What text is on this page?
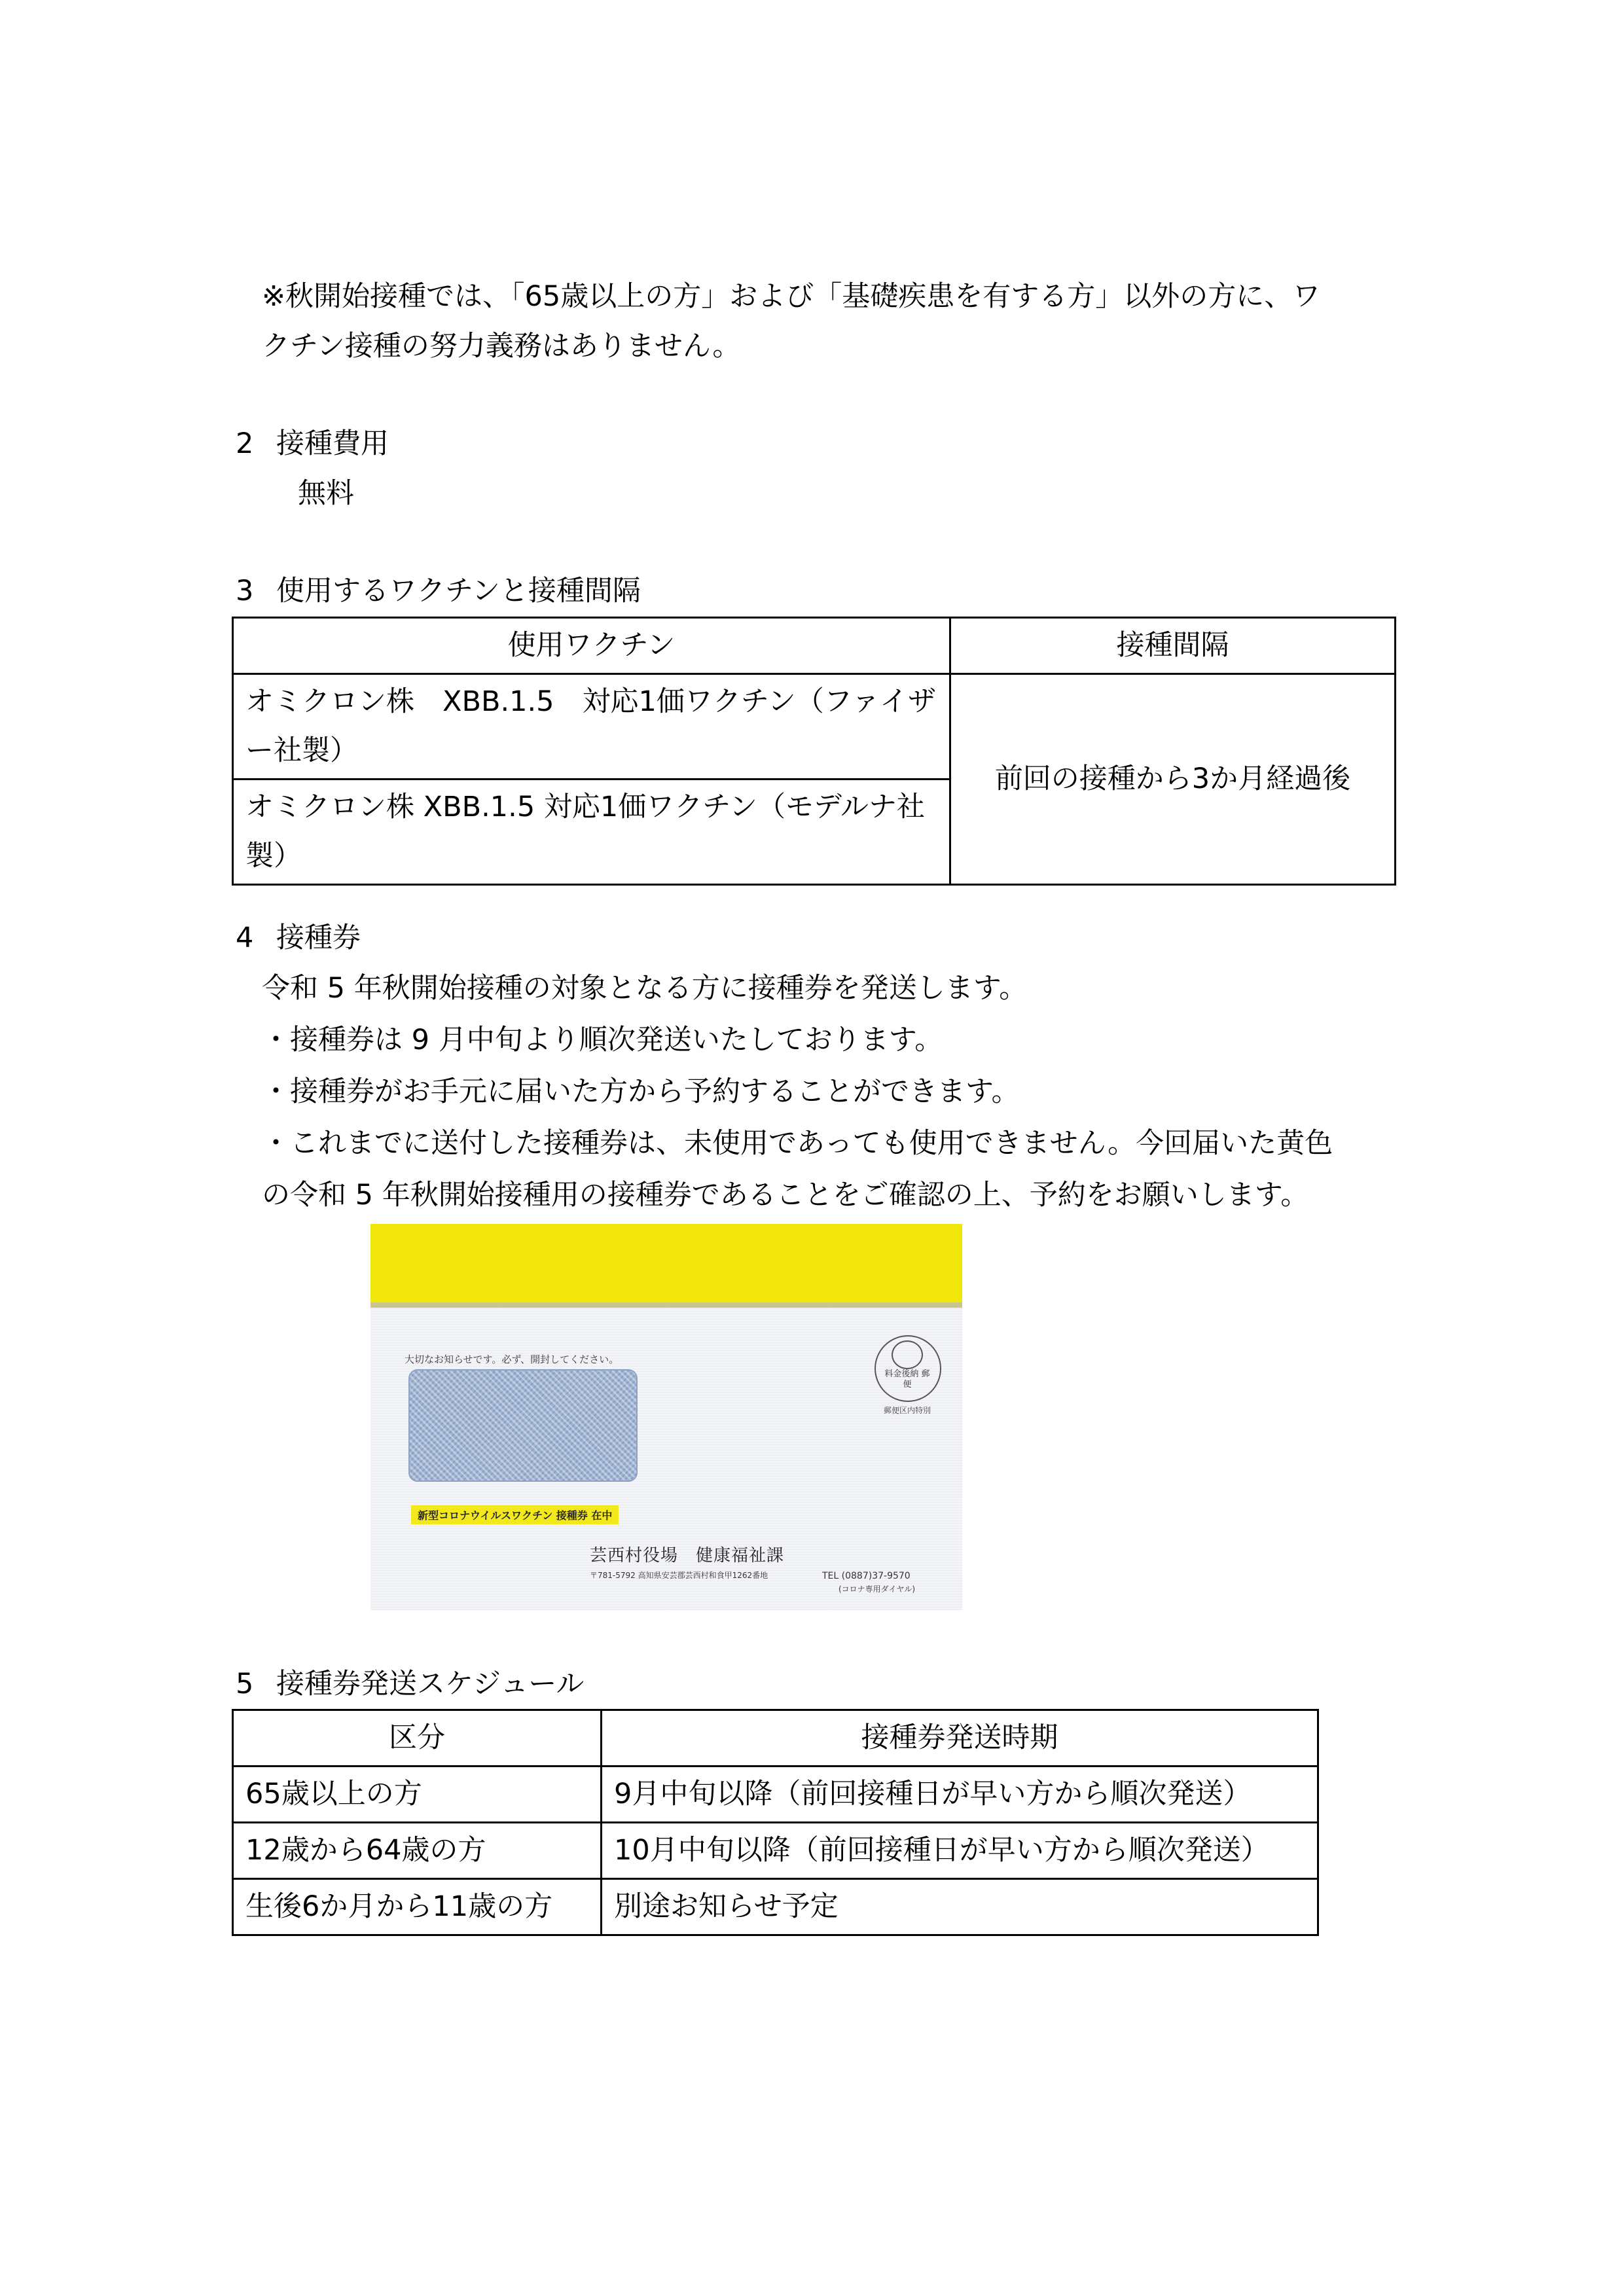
※秋開始接種では、「65歳以上の方」および「基礎疾患を有する方」以外の方に、ワ
クチン接種の努力義務はありません。
2 接種費用
無料
3 使用するワクチンと接種間隔
使用ワクチン	接種間隔
オミクロン株　XBB.1.5　対応1価ワクチン（ファイザー社製）	前回の接種から3か月経過後
オミクロン株 XBB.1.5 対応1価ワクチン（モデルナ社製）	
4 接種券
令和 5 年秋開始接種の対象となる方に接種券を発送します。
・接種券は 9 月中旬より順次発送いたしております。
・接種券がお手元に届いた方から予約することができます。
・これまでに送付した接種券は、未使用であっても使用できません。今回届いた黄色
の令和 5 年秋開始接種用の接種券であることをご確認の上、予約をお願いします。
大切なお知らせです。必ず、開封してください。
新型コロナウイルスワクチン 接種券 在中
料金後納 郵 便
郵便区内特別
芸西村役場　健康福祉課
〒781-5792 高知県安芸郡芸西村和食甲1262番地	TEL (0887)37-9570
(コロナ専用ダイヤル)
5 接種券発送スケジュール
区分	接種券発送時期
65歳以上の方	9月中旬以降（前回接種日が早い方から順次発送）
12歳から64歳の方	10月中旬以降（前回接種日が早い方から順次発送）
生後6か月から11歳の方	別途お知らせ予定
